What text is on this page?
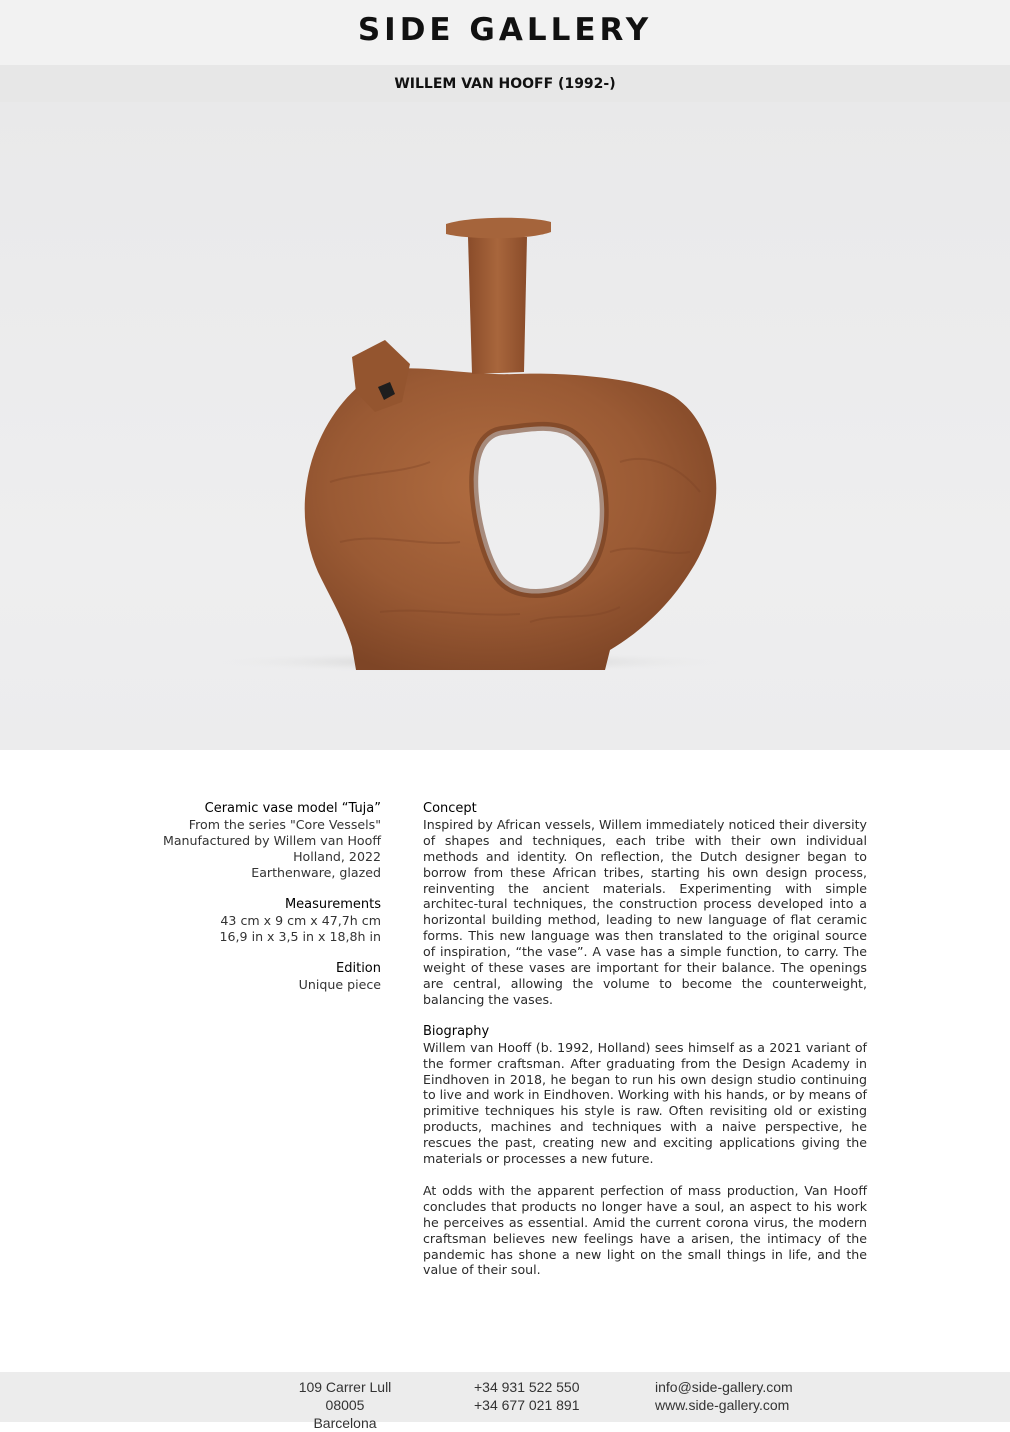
SIDE GALLERY
WILLEM VAN HOOFF (1992-)
Ceramic vase model “Tuja”
From the series "Core Vessels"
Manufactured by Willem van Hooff
Holland, 2022
Earthenware, glazed
Measurements
43 cm x 9 cm x 47,7h cm
16,9 in x 3,5 in x 18,8h in
Edition
Unique piece
Concept

Inspired by African vessels, Willem immediately noticed their diversity of shapes and techniques, each tribe with their own individual methods and identity. On reflection, the Dutch designer began to borrow from these African tribes, starting his own design process, reinventing the ancient materials. Experimenting with simple architec-tural techniques, the construction process developed into a horizontal building method, leading to new language of flat ceramic forms. This new language was then translated to the original source of inspiration, “the vase”. A vase has a simple function, to carry. The weight of these vases are important for their balance. The openings are central, allowing the volume to become the counterweight, balancing the vases.

Biography

Willem van Hooff (b. 1992, Holland) sees himself as a 2021 variant of the former craftsman. After graduating from the Design Academy in Eindhoven in 2018, he began to run his own design studio continuing to live and work in Eindhoven. Working with his hands, or by means of primitive techniques his style is raw. Often revisiting old or existing products, machines and techniques with a naive perspective, he rescues the past, creating new and exciting applications giving the materials or processes a new future.

At odds with the apparent perfection of mass production, Van Hooff concludes that products no longer have a soul, an aspect to his work he perceives as essential. Amid the current corona virus, the modern craftsman believes new feelings have a arisen, the intimacy of the pandemic has shone a new light on the small things in life, and the value of their soul.

109 Carrer Lull
08005 Barcelona
+34 931 522 550
+34 677 021 891
info@side-gallery.com
www.side-gallery.com
